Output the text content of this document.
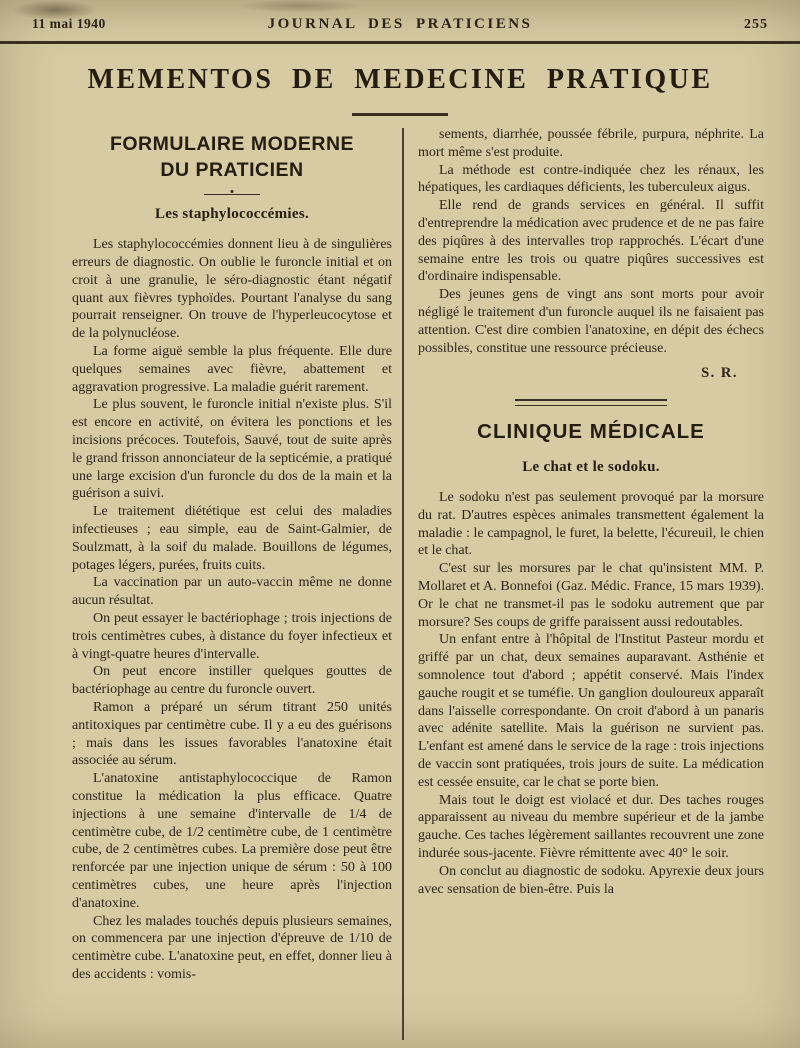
11 mai 1940	JOURNAL DES PRATICIENS	255
MEMENTOS DE MEDECINE PRATIQUE
FORMULAIRE MODERNE
DU PRATICIEN
Les staphylococcémies.

Les staphylococcémies donnent lieu à de singulières erreurs de diagnostic. On oublie le furoncle initial et on croit à une granulie, le séro-diagnostic étant négatif quant aux fièvres typhoïdes. Pourtant l'analyse du sang pourrait renseigner. On trouve de l'hyperleucocytose et de la polynucléose.

La forme aiguë semble la plus fréquente. Elle dure quelques semaines avec fièvre, abattement et aggravation progressive. La maladie guérit rarement.

Le plus souvent, le furoncle initial n'existe plus. S'il est encore en activité, on évitera les ponctions et les incisions précoces. Toutefois, Sauvé, tout de suite après le grand frisson annonciateur de la septicémie, a pratiqué une large excision d'un furoncle du dos de la main et la guérison a suivi.

Le traitement diététique est celui des maladies infectieuses ; eau simple, eau de Saint-Galmier, de Soulzmatt, à la soif du malade. Bouillons de légumes, potages légers, purées, fruits cuits.

La vaccination par un auto-vaccin même ne donne aucun résultat.

On peut essayer le bactériophage ; trois injections de trois centimètres cubes, à distance du foyer infectieux et à vingt-quatre heures d'intervalle.

On peut encore instiller quelques gouttes de bactériophage au centre du furoncle ouvert.

Ramon a préparé un sérum titrant 250 unités antitoxiques par centimètre cube. Il y a eu des guérisons ; mais dans les issues favorables l'anatoxine était associée au sérum.

L'anatoxine antistaphylococcique de Ramon constitue la médication la plus efficace. Quatre injections à une semaine d'intervalle de 1/4 de centimètre cube, de 1/2 centimètre cube, de 1 centimètre cube, de 2 centimètres cubes. La première dose peut être renforcée par une injection unique de sérum : 50 à 100 centimètres cubes, une heure après l'injection d'anatoxine.

Chez les malades touchés depuis plusieurs semaines, on commencera par une injection d'épreuve de 1/10 de centimètre cube. L'anatoxine peut, en effet, donner lieu à des accidents : vomis-

sements, diarrhée, poussée fébrile, purpura, néphrite. La mort même s'est produite.

La méthode est contre-indiquée chez les rénaux, les hépatiques, les cardiaques déficients, les tuberculeux aigus.

Elle rend de grands services en général. Il suffit d'entreprendre la médication avec prudence et de ne pas faire des piqûres à des intervalles trop rapprochés. L'écart d'une semaine entre les trois ou quatre piqûres successives est d'ordinaire indispensable.

Des jeunes gens de vingt ans sont morts pour avoir négligé le traitement d'un furoncle auquel ils ne faisaient pas attention. C'est dire combien l'anatoxine, en dépit des échecs possibles, constitue une ressource précieuse.

S. R.
CLINIQUE MÉDICALE
Le chat et le sodoku.

Le sodoku n'est pas seulement provoqué par la morsure du rat. D'autres espèces animales transmettent également la maladie : le campagnol, le furet, la belette, l'écureuil, le chien et le chat.

C'est sur les morsures par le chat qu'insistent MM. P. Mollaret et A. Bonnefoi (Gaz. Médic. France, 15 mars 1939). Or le chat ne transmet-il pas le sodoku autrement que par morsure? Ses coups de griffe paraissent aussi redoutables.

Un enfant entre à l'hôpital de l'Institut Pasteur mordu et griffé par un chat, deux semaines auparavant. Asthénie et somnolence tout d'abord ; appétit conservé. Mais l'index gauche rougit et se tuméfie. Un ganglion douloureux apparaît dans l'aisselle correspondante. On croit d'abord à un panaris avec adénite satellite. Mais la guérison ne survient pas. L'enfant est amené dans le service de la rage : trois injections de vaccin sont pratiquées, trois jours de suite. La médication est cessée ensuite, car le chat se porte bien.

Mais tout le doigt est violacé et dur. Des taches rouges apparaissent au niveau du membre supérieur et de la jambe gauche. Ces taches légèrement saillantes recouvrent une zone indurée sous-jacente. Fièvre rémittente avec 40° le soir.

On conclut au diagnostic de sodoku. Apyrexie deux jours avec sensation de bien-être. Puis la
